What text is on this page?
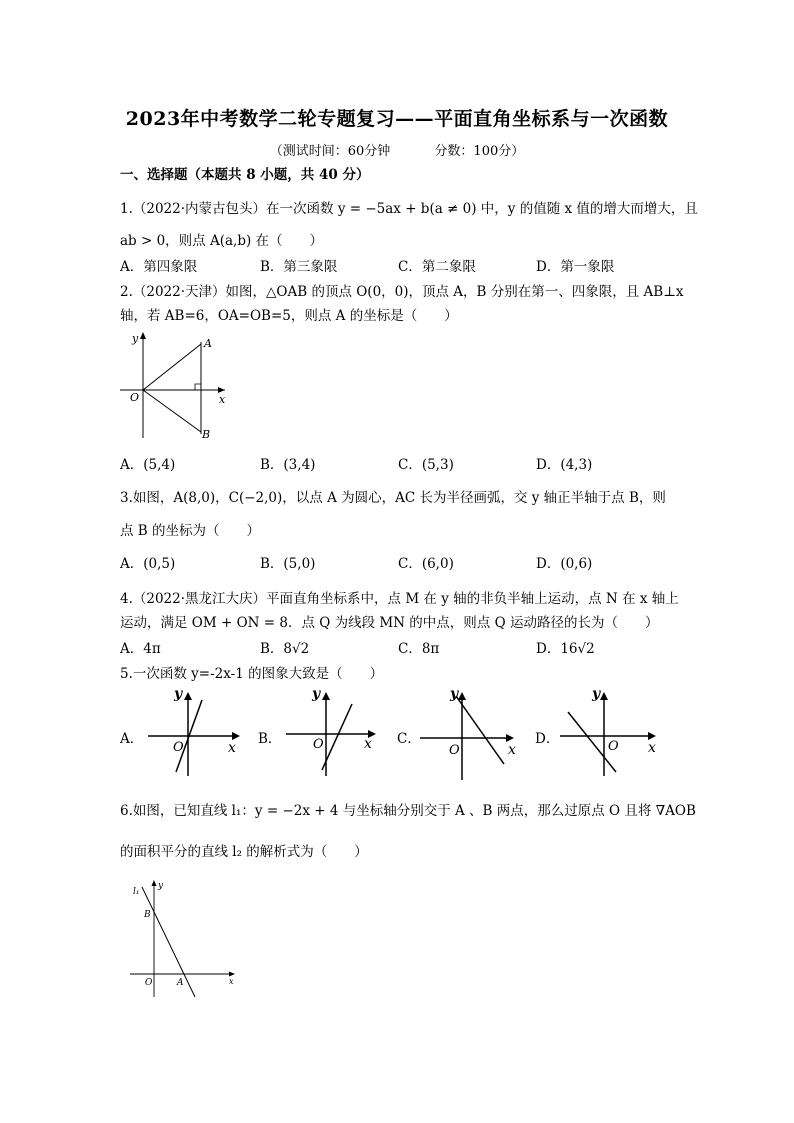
2023年中考数学二轮专题复习——平面直角坐标系与一次函数
（测试时间：60分钟	分数：100分）
一、选择题（本题共 8 小题，共 40 分）
1.（2022·内蒙古包头）在一次函数 y = −5ax + b(a ≠ 0) 中，y 的值随 x 值的增大而增大，且
ab > 0，则点 A(a,b) 在（　　）
A．第四象限	B．第三象限	C．第二象限	D．第一象限
2.（2022·天津）如图，△OAB 的顶点 O(0，0)，顶点 A，B 分别在第一、四象限，且 AB⊥x
轴，若 AB=6，OA=OB=5，则点 A 的坐标是（　　）
y
x
O
A
B
A．(5,4)	B．(3,4)	C．(5,3)	D．(4,3)
3.如图，A(8,0)，C(−2,0)，以点 A 为圆心，AC 长为半径画弧，交 y 轴正半轴于点 B，则
点 B 的坐标为（　　）
A．(0,5)	B．(5,0)	C．(6,0)	D．(0,6)
4.（2022·黑龙江大庆）平面直角坐标系中，点 M 在 y 轴的非负半轴上运动，点 N 在 x 轴上
运动，满足 OM + ON = 8．点 Q 为线段 MN 的中点，则点 Q 运动路径的长为（　　）
A．4π	B．8√2	C．8π	D．16√2
5.一次函数 y=-2x-1 的图象大致是（　　）
A．
y
x
O
B．
y
x
O	C．
y
x
O
D．
y
x
O
6.如图，已知直线 l₁：y = −2x + 4 与坐标轴分别交于 A 、B 两点，那么过原点 O 且将 ∇AOB
的面积平分的直线 l₂ 的解析式为（　　）
l₁
y
x
O	A
B
